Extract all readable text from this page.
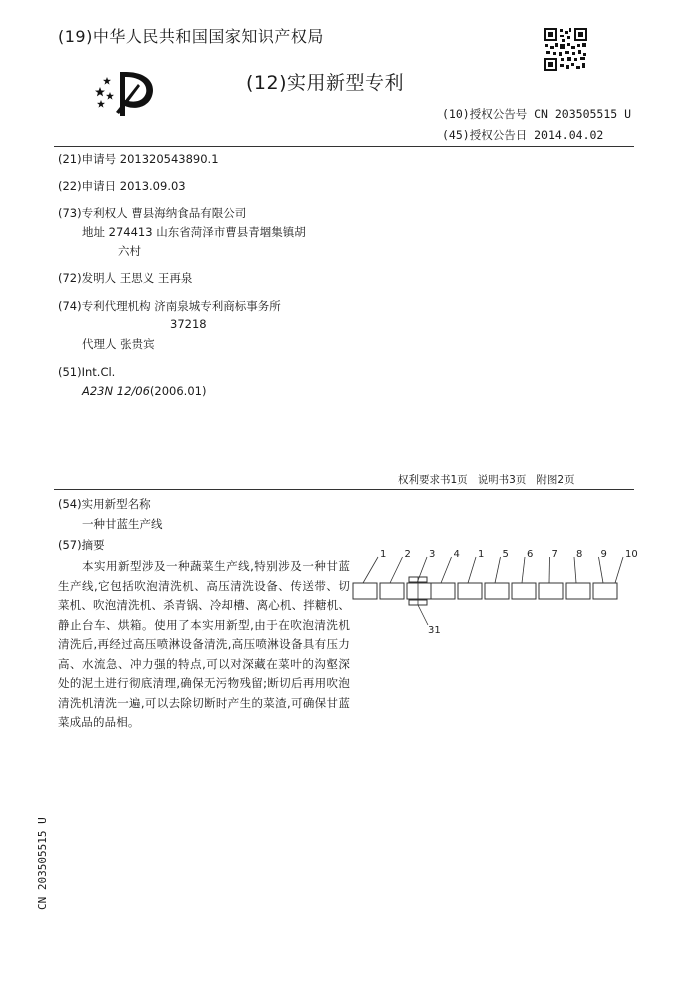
(19)中华人民共和国国家知识产权局
(12)实用新型专利
(10)授权公告号 CN 203505515 U
(45)授权公告日 2014.04.02
(21)申请号 201320543890.1
(22)申请日 2013.09.03
(73)专利权人 曹县海纳食品有限公司
地址 274413 山东省菏泽市曹县青堌集镇胡
六村
(72)发明人 王思义 王再泉
(74)专利代理机构 济南泉城专利商标事务所
37218
代理人 张贵宾
(51)Int.Cl.
A23N 12/06(2006.01)
权利要求书1页 说明书3页 附图2页
(54)实用新型名称
一种甘蓝生产线
(57)摘要
本实用新型涉及一种蔬菜生产线,特别涉及一种甘蓝生产线,它包括吹泡清洗机、高压清洗设备、传送带、切菜机、吹泡清洗机、杀青锅、冷却槽、离心机、拌糖机、静止台车、烘箱。使用了本实用新型,由于在吹泡清洗机清洗后,再经过高压喷淋设备清洗,高压喷淋设备具有压力高、水流急、冲力强的特点,可以对深藏在菜叶的沟壑深处的泥土进行彻底清理,确保无污物残留;断切后再用吹泡清洗机清洗一遍,可以去除切断时产生的菜渣,可确保甘蓝菜成品的品相。
1 2 3 4 1 5 6 7 8 9 10
31
CN 203505515 U
